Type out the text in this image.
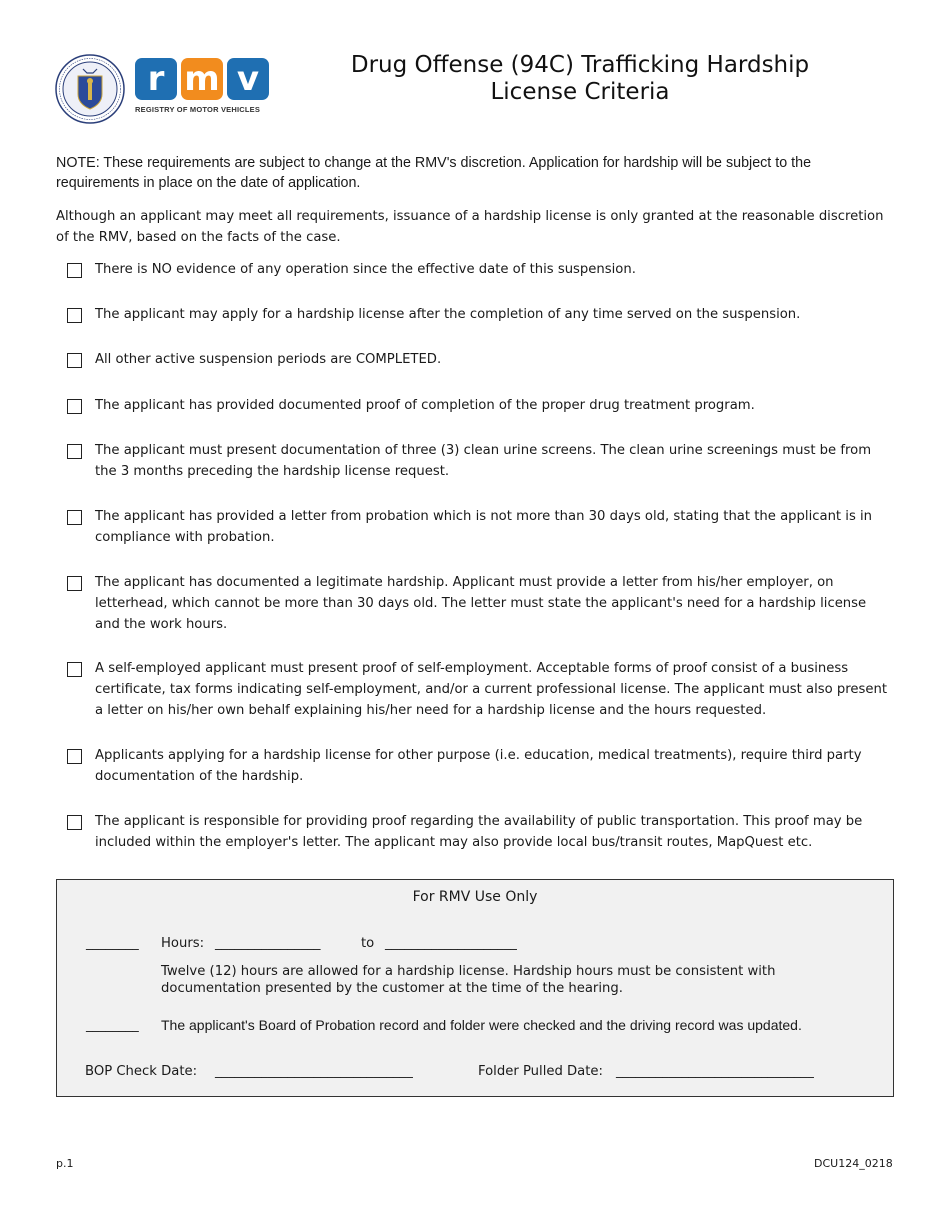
r m v
REGISTRY OF MOTOR VEHICLES
Drug Offense (94C) Trafficking Hardship
License Criteria
NOTE: These requirements are subject to change at the RMV's discretion. Application for hardship will be subject to the requirements in place on the date of application.
Although an applicant may meet all requirements, issuance of a hardship license is only granted at the reasonable discretion of the RMV, based on the facts of the case.
There is NO evidence of any operation since the effective date of this suspension.
The applicant may apply for a hardship license after the completion of any time served on the suspension.
All other active suspension periods are COMPLETED.
The applicant has provided documented proof of completion of the proper drug treatment program.
The applicant must present documentation of three (3) clean urine screens. The clean urine screenings must be from the 3 months preceding the hardship license request.
The applicant has provided a letter from probation which is not more than 30 days old, stating that the applicant is in compliance with probation.
The applicant has documented a legitimate hardship. Applicant must provide a letter from his/her employer, on letterhead, which cannot be more than 30 days old. The letter must state the applicant's need for a hardship license and the work hours.
A self-employed applicant must present proof of self-employment. Acceptable forms of proof consist of a business certificate, tax forms indicating self-employment, and/or a current professional license. The applicant must also present a letter on his/her own behalf explaining his/her need for a hardship license and the hours requested.
Applicants applying for a hardship license for other purpose (i.e. education, medical treatments), require third party documentation of the hardship.
The applicant is responsible for providing proof regarding the availability of public transportation. This proof may be included within the employer's letter. The applicant may also provide local bus/transit routes, MapQuest etc.
For RMV Use Only
________ Hours: ________________	to ____________________
Twelve (12) hours are allowed for a hardship license. Hardship hours must be consistent with documentation presented by the customer at the time of the hearing.
________ The applicant's Board of Probation record and folder were checked and the driving record was updated.
BOP Check Date: ______________________________	Folder Pulled Date: ______________________________
p.1	DCU124_0218
